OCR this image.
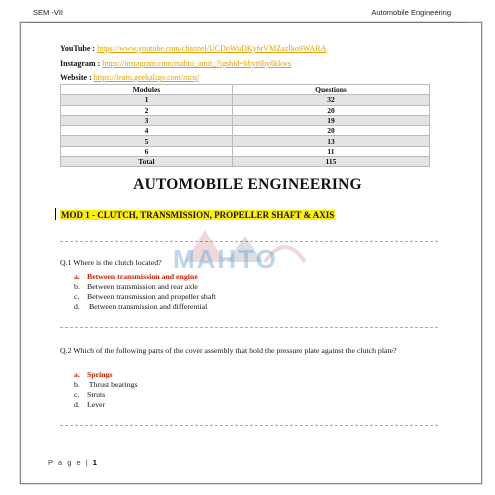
SEM -VII	Automobile Engineering
YouTube : https://www.youtube.com/channel/UCDoWuDKy6rVMZazIko9WARA
Instagram : https://instagram.com/mahto_amit_?igshid=kbyt6by8kkws
Website : https://learn.geekaligo.com/mcq/
Modules	Questions
1	32
2	20
3	19
4	20
5	13
6	11
Total	115
AUTOMOBILE ENGINEERING
MOD 1 - CLUTCH, TRANSMISSION, PROPELLER SHAFT & AXIS
MAHTO
Q.1 Where is the clutch located?
a. Between transmission and engine
b. Between transmission and rear axle
c. Between transmission and propeller shaft
d. Between transmission and differential
Q.2 Which of the following parts of the cover assembly that hold the pressure plate against the clutch plate?
a. Springs
b. Thrust bearings
c. Struts
d. Lever
P a g e | 1
